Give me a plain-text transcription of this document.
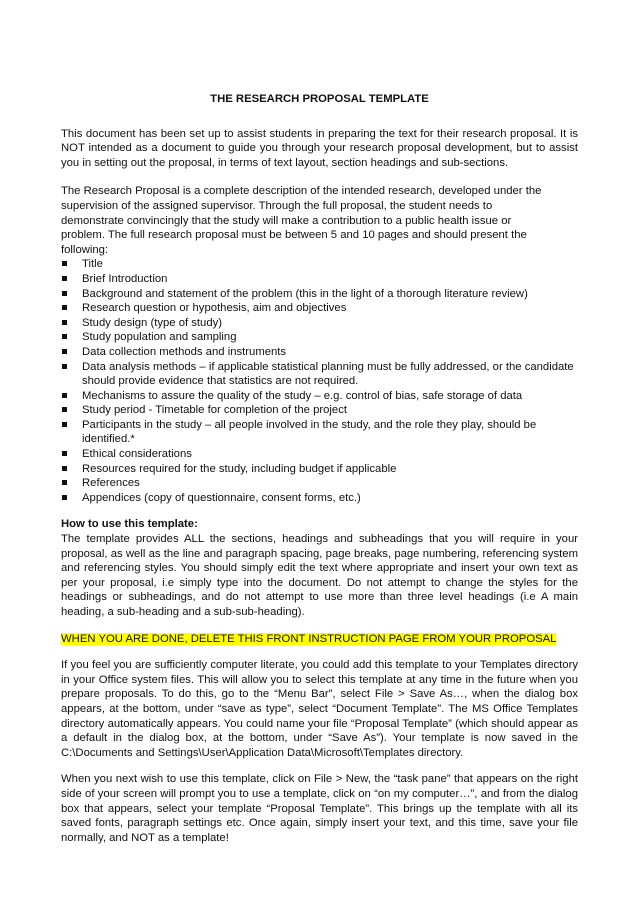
THE RESEARCH PROPOSAL TEMPLATE

This document has been set up to assist students in preparing the text for their research proposal. It is NOT intended as a document to guide you through your research proposal development, but to assist you in setting out the proposal, in terms of text layout, section headings and sub-sections.

The Research Proposal is a complete description of the intended research, developed under the
supervision of the assigned supervisor. Through the full proposal, the student needs to
demonstrate convincingly that the study will make a contribution to a public health issue or
problem. The full research proposal must be between 5 and 10 pages and should present the
following:
Title
Brief Introduction
Background and statement of the problem (this in the light of a thorough literature review)
Research question or hypothesis, aim and objectives
Study design (type of study)
Study population and sampling
Data collection methods and instruments
Data analysis methods – if applicable statistical planning must be fully addressed, or the candidate should provide evidence that statistics are not required.
Mechanisms to assure the quality of the study – e.g. control of bias, safe storage of data
Study period - Timetable for completion of the project
Participants in the study – all people involved in the study, and the role they play, should be identified.*
Ethical considerations
Resources required for the study, including budget if applicable
References
Appendices (copy of questionnaire, consent forms, etc.)
How to use this template:

The template provides ALL the sections, headings and subheadings that you will require in your proposal, as well as the line and paragraph spacing, page breaks, page numbering, referencing system and referencing styles. You should simply edit the text where appropriate and insert your own text as per your proposal, i.e simply type into the document. Do not attempt to change the styles for the headings or subheadings, and do not attempt to use more than three level headings (i.e A main heading, a sub-heading and a sub-sub-heading).

WHEN YOU ARE DONE, DELETE THIS FRONT INSTRUCTION PAGE FROM YOUR PROPOSAL

If you feel you are sufficiently computer literate, you could add this template to your Templates directory in your Office system files. This will allow you to select this template at any time in the future when you prepare proposals. To do this, go to the “Menu Bar”, select File > Save As…, when the dialog box appears, at the bottom, under “save as type”, select “Document Template”. The MS Office Templates directory automatically appears. You could name your file “Proposal Template” (which should appear as a default in the dialog box, at the bottom, under “Save As”). Your template is now saved in the C:\Documents and Settings\User\Application Data\Microsoft\Templates directory.

When you next wish to use this template, click on File > New, the “task pane” that appears on the right side of your screen will prompt you to use a template, click on “on my computer…”, and from the dialog box that appears, select your template “Proposal Template”. This brings up the template with all its saved fonts, paragraph settings etc. Once again, simply insert your text, and this time, save your file normally, and NOT as a template!
